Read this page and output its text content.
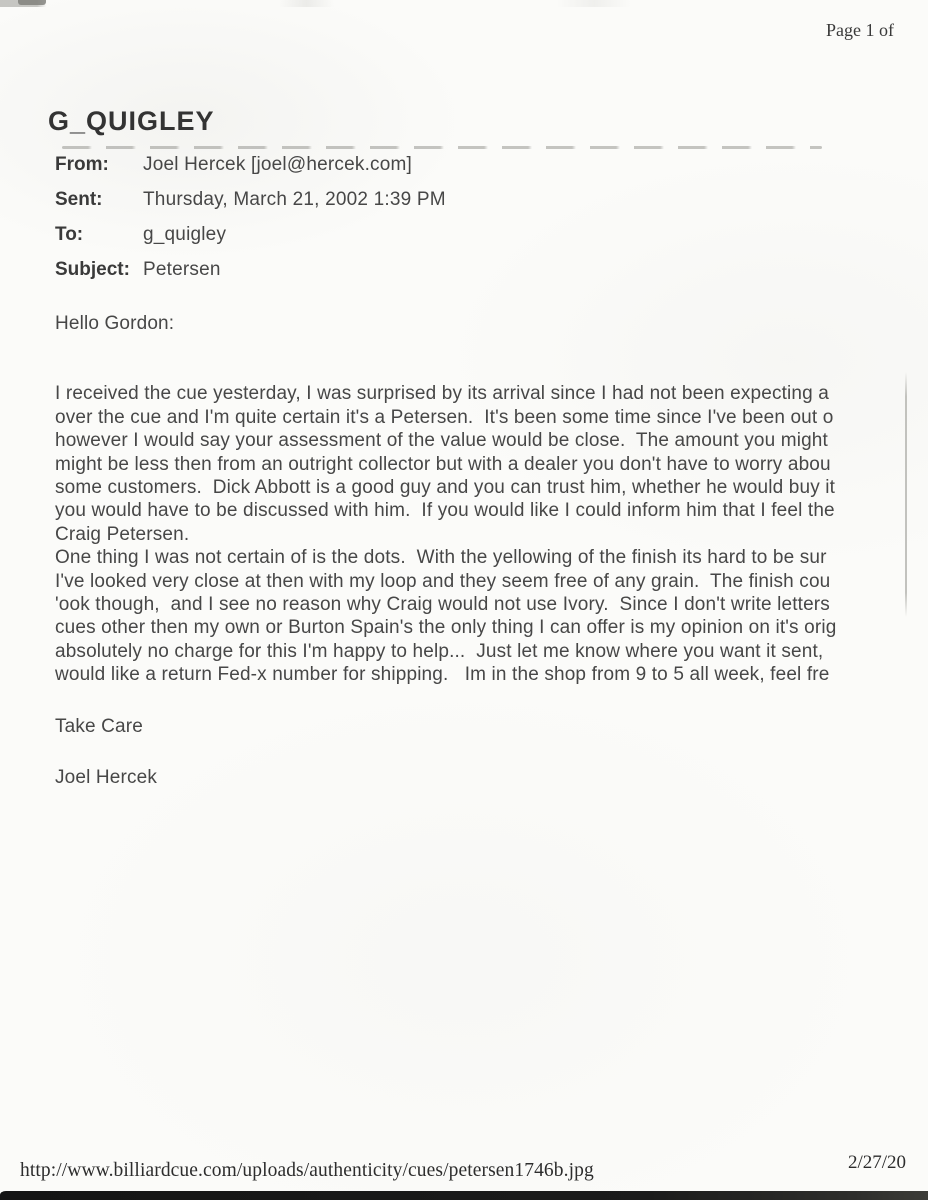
Page 1 of
G_QUIGLEY
From:	Joel Hercek [joel@hercek.com]
Sent:	Thursday, March 21, 2002 1:39 PM
To:	g_quigley
Subject: Petersen
Hello Gordon:
I received the cue yesterday, I was surprised by its arrival since I had not been expecting a
over the cue and I'm quite certain it's a Petersen.  It's been some time since I've been out o
however I would say your assessment of the value would be close.  The amount you might
might be less then from an outright collector but with a dealer you don't have to worry abou
some customers.  Dick Abbott is a good guy and you can trust him, whether he would buy it
you would have to be discussed with him.  If you would like I could inform him that I feel the
Craig Petersen.
One thing I was not certain of is the dots.  With the yellowing of the finish its hard to be sur
I've looked very close at then with my loop and they seem free of any grain.  The finish cou
'ook though,  and I see no reason why Craig would not use Ivory.  Since I don't write letters
cues other then my own or Burton Spain's the only thing I can offer is my opinion on it's orig
absolutely no charge for this I'm happy to help...  Just let me know where you want it sent,
would like a return Fed-x number for shipping.   Im in the shop from 9 to 5 all week, feel fre
Take Care
Joel Hercek
http://www.billiardcue.com/uploads/authenticity/cues/petersen1746b.jpg	2/27/20
